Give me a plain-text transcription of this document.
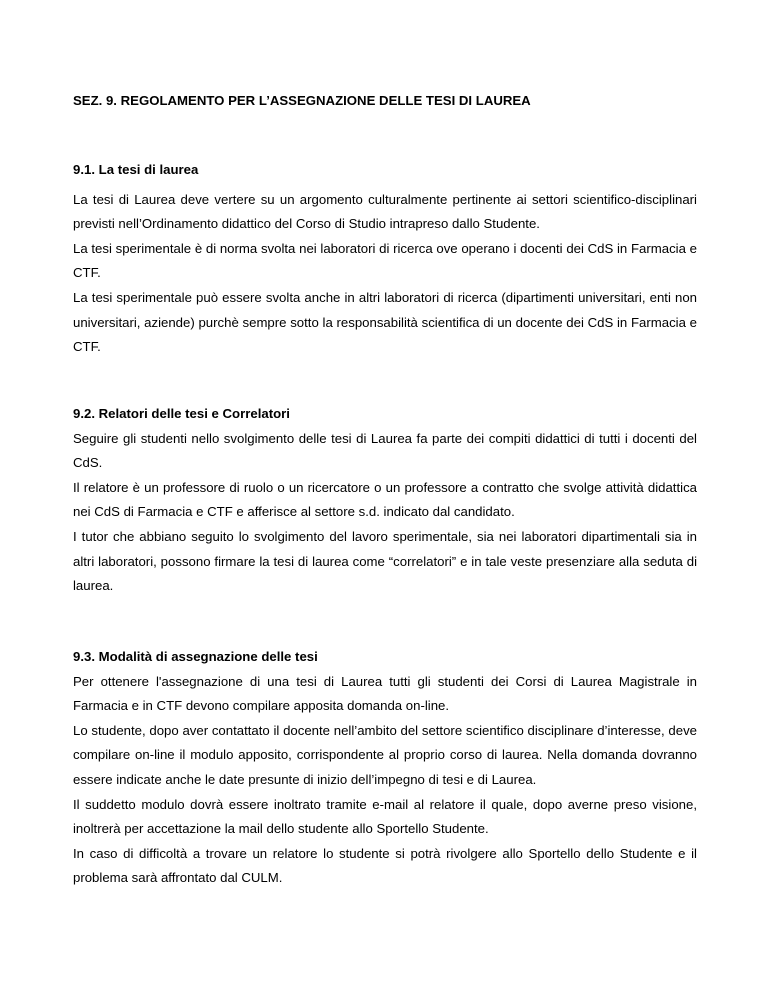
SEZ. 9. REGOLAMENTO PER L’ASSEGNAZIONE DELLE TESI DI LAUREA

9.1. La tesi di laurea

La tesi di Laurea deve vertere su un argomento culturalmente pertinente ai settori scientifico-disciplinari previsti nell’Ordinamento didattico del Corso di Studio intrapreso dallo Studente.

La tesi sperimentale è di norma svolta nei laboratori di ricerca ove operano i docenti dei CdS in Farmacia e CTF.

La tesi sperimentale può essere svolta anche in altri laboratori di ricerca (dipartimenti universitari, enti non universitari, aziende) purchè sempre sotto la responsabilità scientifica di un docente dei CdS in Farmacia e CTF.

9.2. Relatori delle tesi e Correlatori

Seguire gli studenti nello svolgimento delle tesi di Laurea fa parte dei compiti didattici di tutti i docenti del CdS.

Il relatore è un professore di ruolo o un ricercatore o un professore a contratto che svolge attività didattica nei CdS di Farmacia e CTF e afferisce al settore s.d. indicato dal candidato.

I tutor che abbiano seguito lo svolgimento del lavoro sperimentale, sia nei laboratori dipartimentali sia in altri laboratori, possono firmare la tesi di laurea come “correlatori” e in tale veste presenziare alla seduta di laurea.

9.3. Modalità di assegnazione delle tesi

Per ottenere l'assegnazione di una tesi di Laurea tutti gli studenti dei Corsi di Laurea Magistrale in Farmacia e in CTF devono compilare apposita domanda on-line.

Lo studente, dopo aver contattato il docente nell’ambito del settore scientifico disciplinare d’interesse, deve compilare on-line il modulo apposito, corrispondente al proprio corso di laurea. Nella domanda dovranno essere indicate anche le date presunte di inizio dell’impegno di tesi e di Laurea.

Il suddetto modulo dovrà essere inoltrato tramite e-mail al relatore il quale, dopo averne preso visione, inoltrerà per accettazione la mail dello studente allo Sportello Studente.

In caso di difficoltà a trovare un relatore lo studente si potrà rivolgere allo Sportello dello Studente e il problema sarà affrontato dal CULM.
